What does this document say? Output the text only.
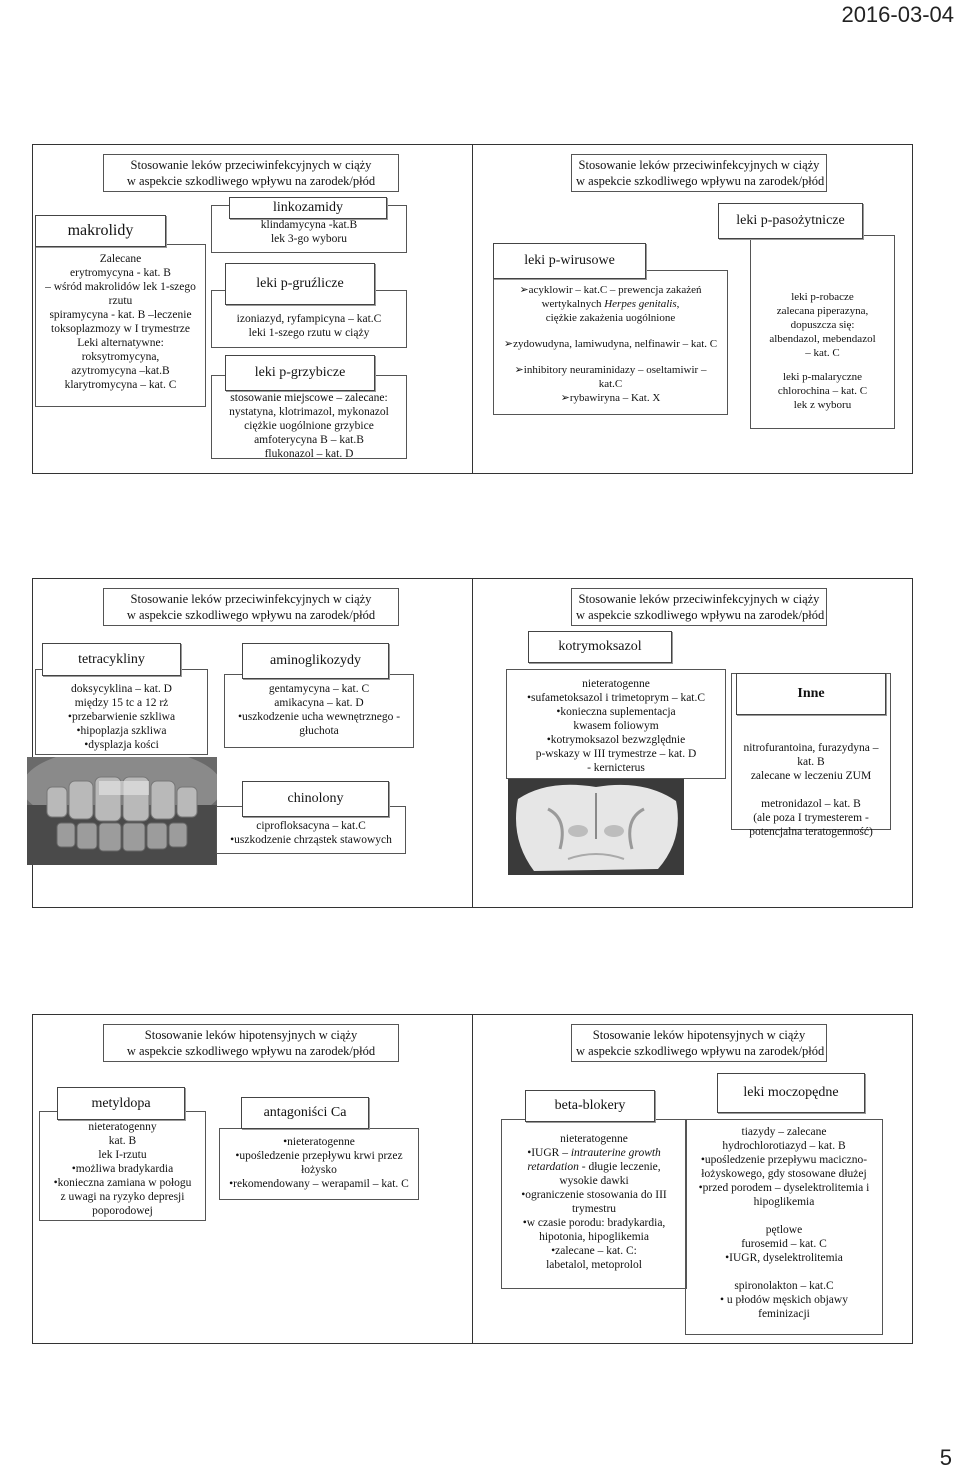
2016-03-04
Stosowanie leków przeciwinfekcyjnych w ciąży
w aspekcie szkodliwego wpływu na zarodek/płód
makrolidy
Zalecane
erytromycyna - kat. B
– wśród makrolidów lek 1-szego
rzutu
spiramycyna - kat. B –leczenie
toksoplazmozy w I trymestrze
Leki alternatywne:
roksytromycyna,
azytromycyna –kat.B
klarytromycyna – kat. C
linkozamidy
klindamycyna -kat.B
lek 3-go wyboru
leki p-gruźlicze
izoniazyd, ryfampicyna – kat.C
leki 1-szego rzutu w ciąży
leki p-grzybicze
stosowanie miejscowe – zalecane:
nystatyna, klotrimazol, mykonazol
ciężkie uogólnione grzybice
amfoterycyna B – kat.B
flukonazol – kat. D
Stosowanie leków przeciwinfekcyjnych w ciąży
w aspekcie szkodliwego wpływu na zarodek/płód
leki p-wirusowe
➢acyklowir – kat.C – prewencja zakażeń
wertykalnych Herpes genitalis,
ciężkie zakażenia uogólnione
➢zydowudyna, lamiwudyna, nelfinawir – kat. C
➢inhibitory neuraminidazy – oseltamiwir –
kat.C
➢rybawiryna – Kat. X
leki p-pasożytnicze
leki p-robacze
zalecana piperazyna,
dopuszcza się:
albendazol, mebendazol
– kat. C
leki p-malaryczne
chlorochina – kat. C
lek z wyboru
Stosowanie leków przeciwinfekcyjnych w ciąży
w aspekcie szkodliwego wpływu na zarodek/płód
tetracykliny
doksycyklina – kat. D
między 15 tc a 12 rż
•przebarwienie szkliwa
•hipoplazja szkliwa
•dysplazja kości
aminoglikozydy
gentamycyna – kat. C
amikacyna – kat. D
•uszkodzenie ucha wewnętrznego -
głuchota
chinolony
ciprofloksacyna – kat.C
•uszkodzenie chrząstek stawowych
Stosowanie leków przeciwinfekcyjnych w ciąży
w aspekcie szkodliwego wpływu na zarodek/płód
kotrymoksazol
nieteratogenne
•sufametoksazol i trimetoprym – kat.C
•konieczna suplementacja
kwasem foliowym
•kotrymoksazol bezwzględnie
p-wskazy w III trymestrze – kat. D
- kernicterus
Inne
nitrofurantoina, furazydyna –
kat. B
zalecane w leczeniu ZUM
metronidazol – kat. B
(ale poza I trymesterem -
potencjalna teratogenność)
Stosowanie leków hipotensyjnych w ciąży
w aspekcie szkodliwego wpływu na zarodek/płód
metyldopa
nieteratogenny
kat. B
lek I-rzutu
•możliwa bradykardia
•konieczna zamiana w połogu
z uwagi na ryzyko depresji
poporodowej
antagoniści Ca
•nieteratogenne
•upośledzenie przepływu krwi przez
łożysko
•rekomendowany – werapamil – kat. C
Stosowanie leków hipotensyjnych w ciąży
w aspekcie szkodliwego wpływu na zarodek/płód
beta-blokery
nieteratogenne
•IUGR – intrauterine growth
retardation - długie leczenie,
wysokie dawki
•ograniczenie stosowania do III
trymestru
•w czasie porodu: bradykardia,
hipotonia, hipoglikemia
•zalecane – kat. C:
labetalol, metoprolol
leki moczopędne
tiazydy – zalecane
hydrochlorotiazyd – kat. B
•upośledzenie przepływu maciczno-
łożyskowego, gdy stosowane dłużej
•przed porodem – dyselektrolitemia i
hipoglikemia
pętlowe
furosemid – kat. C
•IUGR, dyselektrolitemia
spironolakton – kat.C
• u płodów męskich objawy
feminizacji
5
